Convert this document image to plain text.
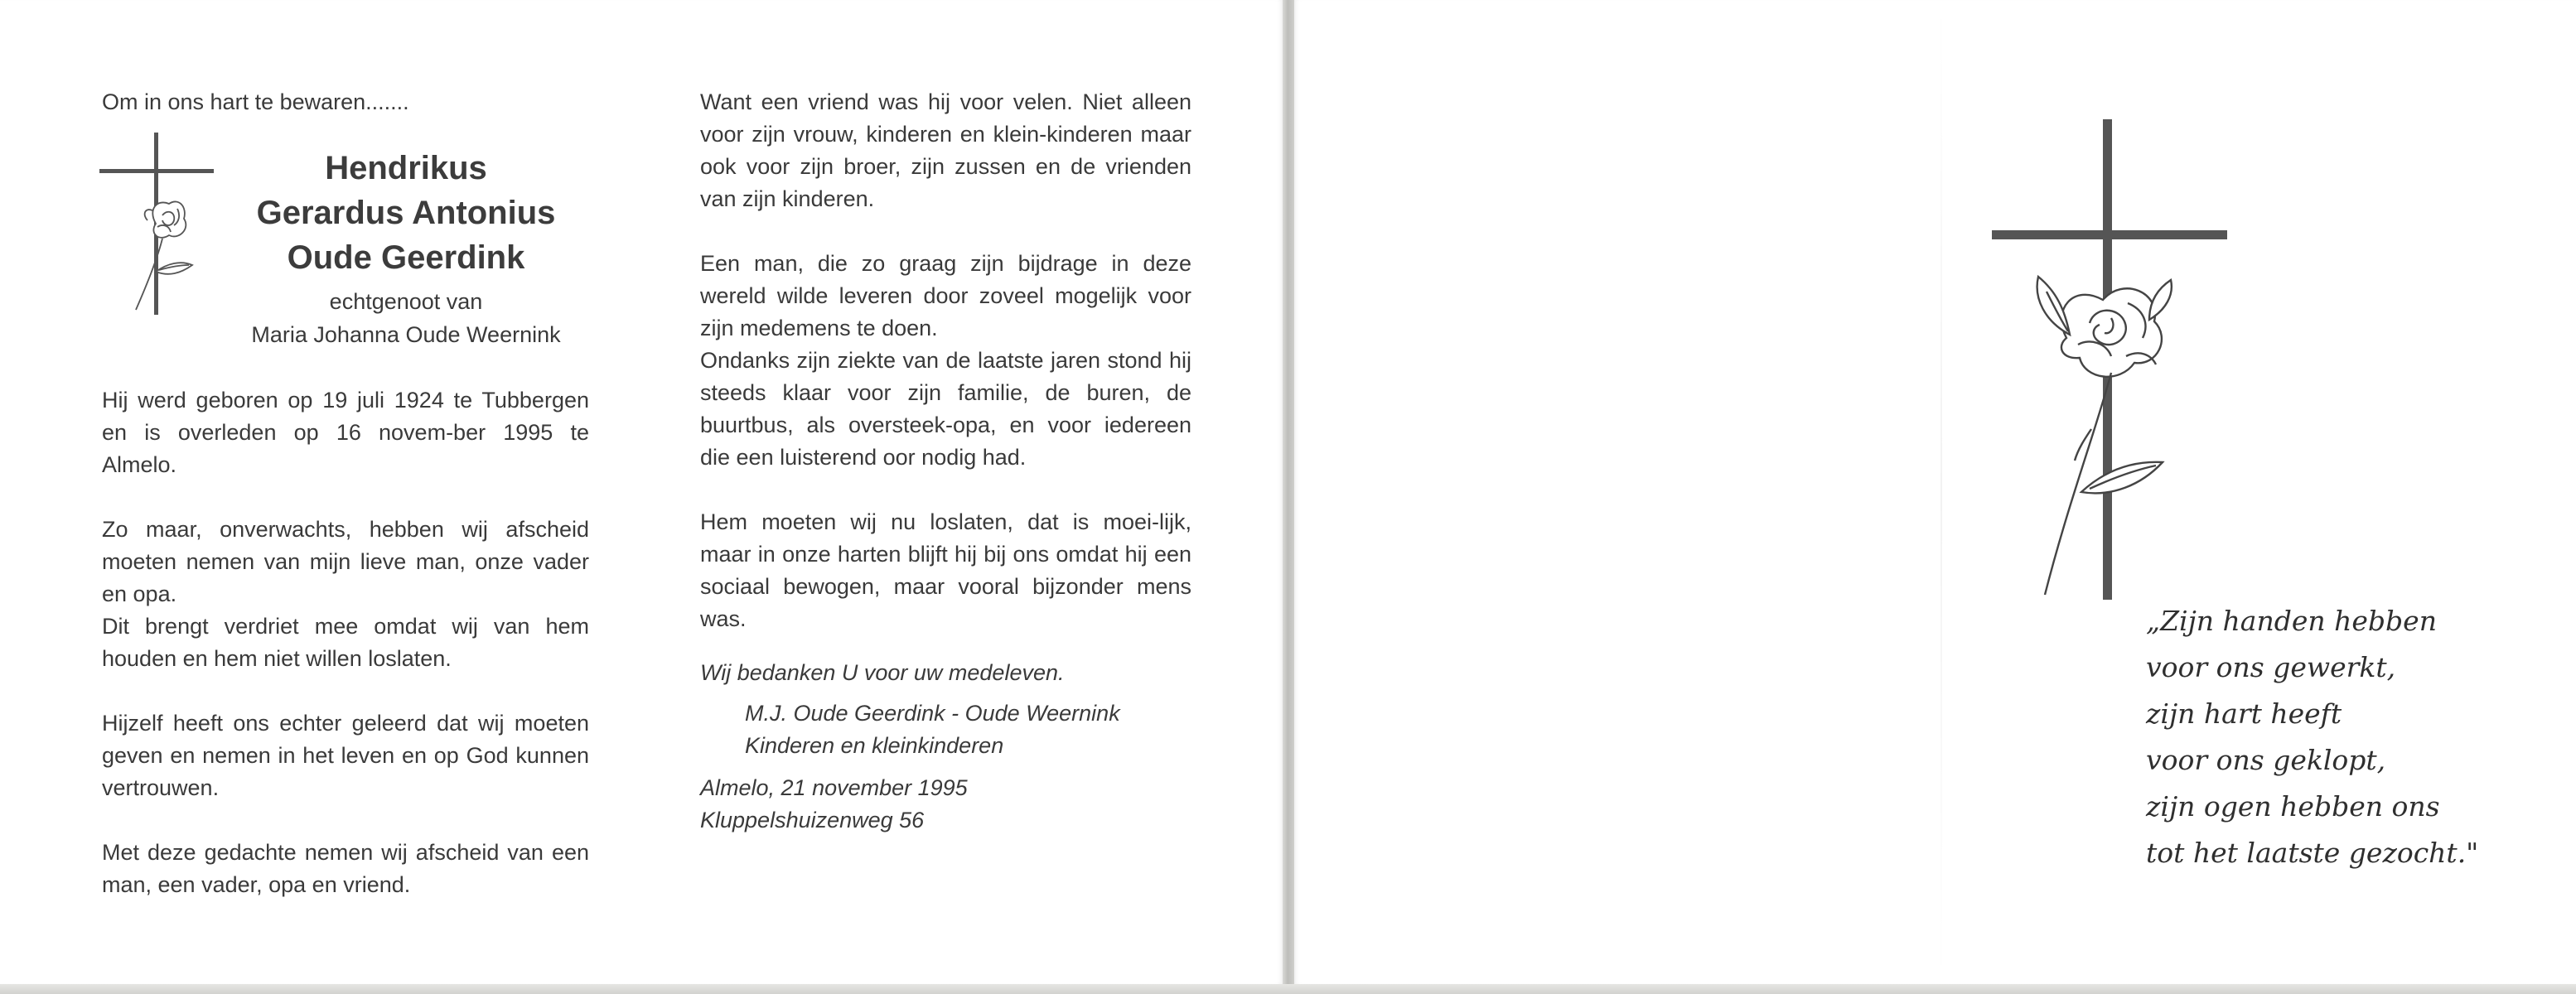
Om in ons hart te bewaren.......

Hendrikus
Gerardus Antonius
Oude Geerdink
echtgenoot van
Maria Johanna Oude Weernink

Hij werd geboren op 19 juli 1924 te Tubbergen en is overleden op 16 novem-ber 1995 te Almelo.

Zo maar, onverwachts, hebben wij afscheid moeten nemen van mijn lieve man, onze vader en opa.

Dit brengt verdriet mee omdat wij van hem houden en hem niet willen loslaten.

Hijzelf heeft ons echter geleerd dat wij moeten geven en nemen in het leven en op God kunnen vertrouwen.

Met deze gedachte nemen wij afscheid van een man, een vader, opa en vriend.

Want een vriend was hij voor velen. Niet alleen voor zijn vrouw, kinderen en klein-kinderen maar ook voor zijn broer, zijn zussen en de vrienden van zijn kinderen.

Een man, die zo graag zijn bijdrage in deze wereld wilde leveren door zoveel mogelijk voor zijn medemens te doen.

Ondanks zijn ziekte van de laatste jaren stond hij steeds klaar voor zijn familie, de buren, de buurtbus, als oversteek-opa, en voor iedereen die een luisterend oor nodig had.

Hem moeten wij nu loslaten, dat is moei-lijk, maar in onze harten blijft hij bij ons omdat hij een sociaal bewogen, maar vooral bijzonder mens was.

Wij bedanken U voor uw medeleven.
M.J. Oude Geerdink - Oude Weernink
Kinderen en kleinkinderen
Almelo, 21 november 1995
Kluppelshuizenweg 56
„Zijn handen hebben
voor ons gewerkt,
zijn hart heeft
voor ons geklopt,
zijn ogen hebben ons
tot het laatste gezocht."
